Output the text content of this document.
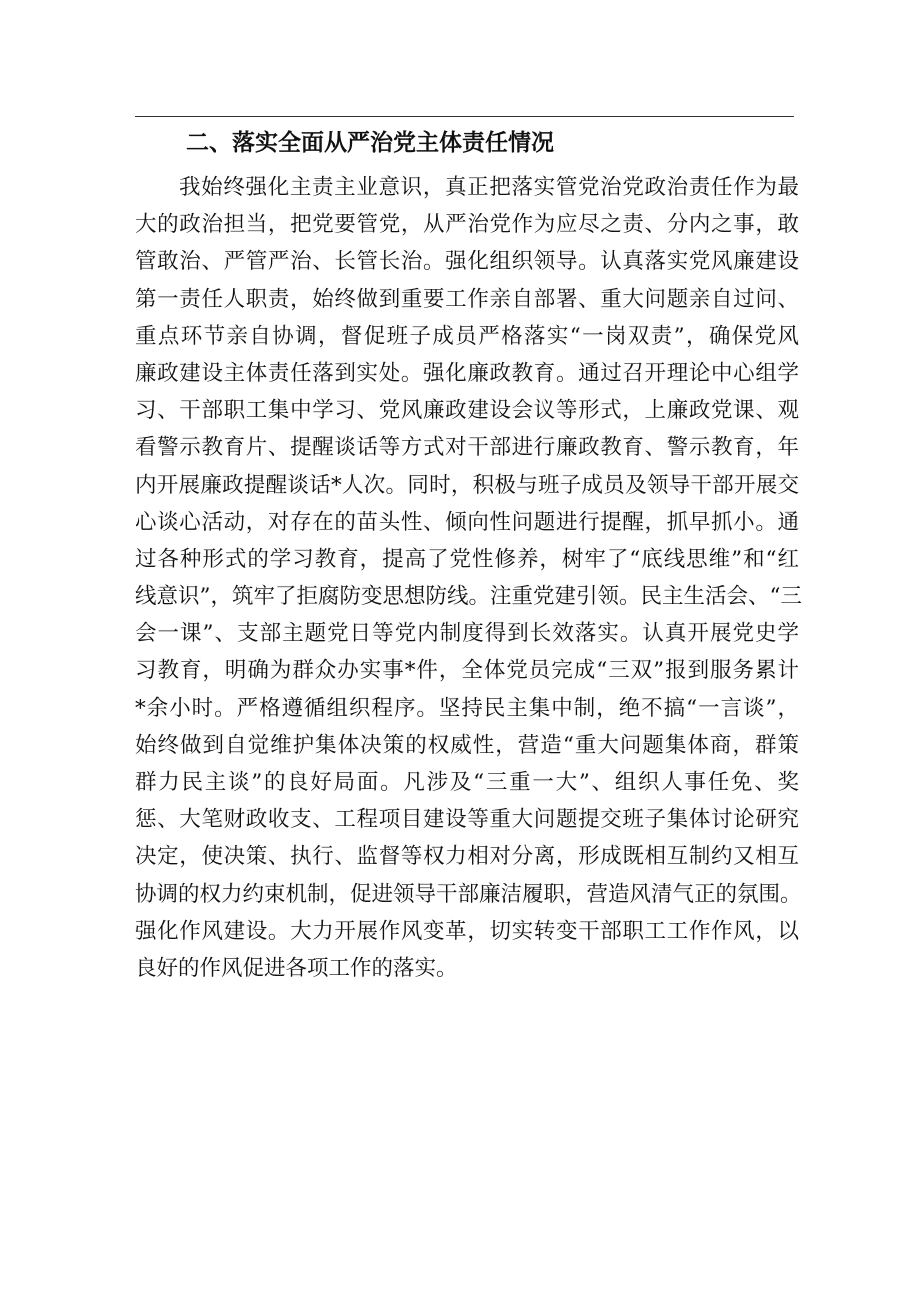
二、落实全面从严治党主体责任情况
我始终强化主责主业意识，真正把落实管党治党政治责任作为最
大的政治担当，把党要管党，从严治党作为应尽之责、分内之事，敢
管敢治、严管严治、长管长治。强化组织领导。认真落实党风廉建设
第一责任人职责，始终做到重要工作亲自部署、重大问题亲自过问、
重点环节亲自协调，督促班子成员严格落实“一岗双责”，确保党风
廉政建设主体责任落到实处。强化廉政教育。通过召开理论中心组学
习、干部职工集中学习、党风廉政建设会议等形式，上廉政党课、观
看警示教育片、提醒谈话等方式对干部进行廉政教育、警示教育，年
内开展廉政提醒谈话*人次。同时，积极与班子成员及领导干部开展交
心谈心活动，对存在的苗头性、倾向性问题进行提醒，抓早抓小。通
过各种形式的学习教育，提高了党性修养，树牢了“底线思维”和“红
线意识”，筑牢了拒腐防变思想防线。注重党建引领。民主生活会、“三
会一课”、支部主题党日等党内制度得到长效落实。认真开展党史学
习教育，明确为群众办实事*件，全体党员完成“三双”报到服务累计
*余小时。严格遵循组织程序。坚持民主集中制，绝不搞“一言谈”，
始终做到自觉维护集体决策的权威性，营造“重大问题集体商，群策
群力民主谈”的良好局面。凡涉及“三重一大”、组织人事任免、奖
惩、大笔财政收支、工程项目建设等重大问题提交班子集体讨论研究
决定，使决策、执行、监督等权力相对分离，形成既相互制约又相互
协调的权力约束机制，促进领导干部廉洁履职，营造风清气正的氛围。
强化作风建设。大力开展作风变革，切实转变干部职工工作作风，以
良好的作风促进各项工作的落实。
